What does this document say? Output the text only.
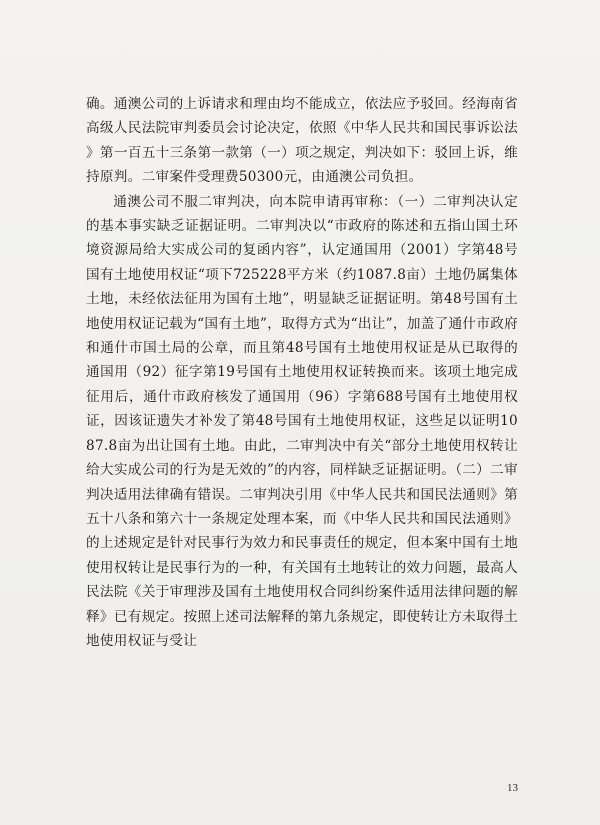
确。通澳公司的上诉请求和理由均不能成立，依法应予驳回。经海南省高级人民法院审判委员会讨论决定，依照《中华人民共和国民事诉讼法》第一百五十三条第一款第（一）项之规定，判决如下：驳回上诉，维持原判。二审案件受理费50300元，由通澳公司负担。

通澳公司不服二审判决，向本院申请再审称：（一）二审判决认定的基本事实缺乏证据证明。二审判决以“市政府的陈述和五指山国土环境资源局给大实成公司的复函内容”，认定通国用（2001）字第48号国有土地使用权证“项下725228平方米（约1087.8亩）土地仍属集体土地，未经依法征用为国有土地”，明显缺乏证据证明。第48号国有土地使用权证记载为“国有土地”，取得方式为“出让”，加盖了通什市政府和通什市国土局的公章，而且第48号国有土地使用权证是从已取得的通国用（92）征字第19号国有土地使用权证转换而来。该项土地完成征用后，通什市政府核发了通国用（96）字第688号国有土地使用权证，因该证遗失才补发了第48号国有土地使用权证，这些足以证明1087.8亩为出让国有土地。由此，二审判决中有关“部分土地使用权转让给大实成公司的行为是无效的”的内容，同样缺乏证据证明。（二）二审判决适用法律确有错误。二审判决引用《中华人民共和国民法通则》第五十八条和第六十一条规定处理本案，而《中华人民共和国民法通则》的上述规定是针对民事行为效力和民事责任的规定，但本案中国有土地使用权转让是民事行为的一种，有关国有土地转让的效力问题，最高人民法院《关于审理涉及国有土地使用权合同纠纷案件适用法律问题的解释》已有规定。按照上述司法解释的第九条规定，即使转让方未取得土地使用权证与受让

13
